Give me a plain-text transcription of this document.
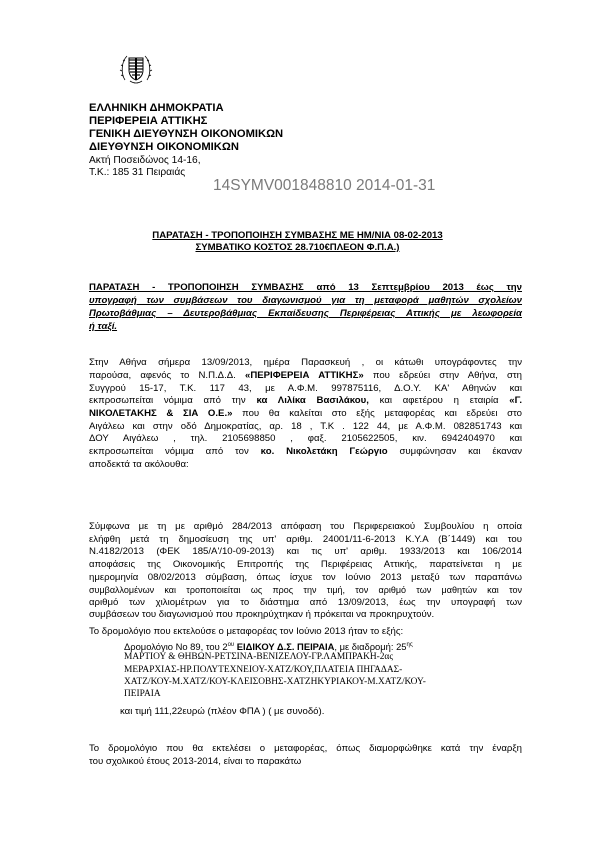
ΕΛΛΗΝΙΚΗ ΔΗΜΟΚΡΑΤΙΑ
ΠΕΡΙΦΕΡΕΙΑ ΑΤΤΙΚΗΣ
ΓΕΝΙΚΗ ΔΙΕΥΘΥΝΣΗ ΟΙΚΟΝΟΜΙΚΩΝ
ΔΙΕΥΘΥΝΣΗ ΟΙΚΟΝΟΜΙΚΩΝ
Ακτή Ποσειδώνος 14-16,
Τ.Κ.: 185 31 Πειραιάς
14SYMV001848810 2014-01-31
ΠΑΡΑΤΑΣΗ - ΤΡΟΠΟΠΟΙΗΣΗ ΣΥΜΒΑΣΗΣ ΜΕ ΗΜ/ΝΙΑ 08-02-2013
ΣΥΜΒΑΤΙΚΟ ΚΟΣΤΟΣ 28.710€ΠΛΕΟΝ Φ.Π.Α.)
ΠΑΡΑΤΑΣΗ - ΤΡΟΠΟΠΟΙΗΣΗ ΣΥΜΒΑΣΗΣ από 13 Σεπτεμβρίου 2013 έως την
υπογραφή των συμβάσεων του διαγωνισμού για τη μεταφορά μαθητών σχολείων
Πρωτοβάθμιας – Δευτεροβάθμιας Εκπαίδευσης Περιφέρειας Αττικής με λεωφορεία
ή ταξί.
Στην Αθήνα σήμερα 13/09/2013, ημέρα Παρασκευή , οι κάτωθι υπογράφοντες την
παρούσα, αφενός το Ν.Π.Δ.Δ. «ΠΕΡΙΦΕΡΕΙΑ ΑΤΤΙΚΗΣ» που εδρεύει στην Αθήνα, στη
Συγγρού 15-17, Τ.Κ. 117 43, με Α.Φ.Μ. 997875116, Δ.Ο.Υ. ΚΑ' Αθηνών και
εκπροσωπείται νόμιμα από την κα Λιλίκα Βασιλάκου, και αφετέρου η εταιρία «Γ.
ΝΙΚΟΛΕΤΑΚΗΣ & ΣΙΑ Ο.Ε.» που θα καλείται στο εξής μεταφορέας και εδρεύει στο
Αιγάλεω και στην οδό Δημοκρατίας, αρ. 18 , Τ.Κ . 122 44, με Α.Φ.Μ. 082851743 και
ΔΟΥ Αιγάλεω , τηλ. 2105698850 , φαξ. 2105622505, κιν. 6942404970 και
εκπροσωπείται νόμιμα από τον κο. Νικολετάκη Γεώργιο συμφώνησαν και έκαναν
αποδεκτά τα ακόλουθα:
Σύμφωνα με τη με αριθμό 284/2013 απόφαση του Περιφερειακού Συμβουλίου η οποία
ελήφθη μετά τη δημοσίευση της υπ' αριθμ. 24001/11-6-2013 Κ.Υ.Α (Β΄1449) και του
Ν.4182/2013 (ΦΕΚ 185/Α'/10-09-2013) και τις υπ' αριθμ. 1933/2013 και 106/2014
αποφάσεις της Οικονομικής Επιτροπής της Περιφέρειας Αττικής, παρατείνεται η με
ημερομηνία 08/02/2013 σύμβαση, όπως ίσχυε τον Ιούνιο 2013 μεταξύ των παραπάνω
συμβαλλομένων και τροποποιείται ως προς την τιμή, τον αριθμό των μαθητών και τον
αριθμό των χιλιομέτρων για το διάστημα από 13/09/2013, έως την υπογραφή των
συμβάσεων του διαγωνισμού που προκηρύχτηκαν ή πρόκειται να προκηρυχτούν.
Το δρομολόγιο που εκτελούσε ο μεταφορέας τον Ιούνιο 2013 ήταν το εξής:
Δρομολόγιο Νο 89, του $2^{o\upsilon}$ ΕΙΔΙΚΟΥ Δ.Σ. ΠΕΙΡΑΙΑ, με διαδρομή: $25^{\eta\varsigma}$
ΜΑΡΤΙΟΥ & ΘΗΒΩΝ-ΡΕΤΣΙΝΑ-ΒΕΝΙΖΕΛΟΥ-ΓΡ.ΛΑΜΠΡΑΚΗ-2ας
ΜΕΡΑΡΧΙΑΣ-ΗΡ.ΠΟΛΥΤΕΧΝΕΙΟΥ-ΧΑΤΖ/ΚΟΥ,ΠΛΑΤΕΙΑ ΠΗΓΑΔΑΣ-
ΧΑΤΖ/ΚΟΥ-Μ.ΧΑΤΖ/ΚΟΥ-ΚΛΕΙΣΟΒΗΣ-ΧΑΤΖΗΚΥΡΙΑΚΟΥ-Μ.ΧΑΤΖ/ΚΟΥ-
ΠΕΙΡΑΙΑ
και τιμή 111,22ευρώ (πλέον ΦΠΑ ) ( με συνοδό).
Το δρομολόγιο που θα εκτελέσει ο μεταφορέας, όπως διαμορφώθηκε κατά την έναρξη
του σχολικού έτους 2013-2014, είναι το παρακάτω
